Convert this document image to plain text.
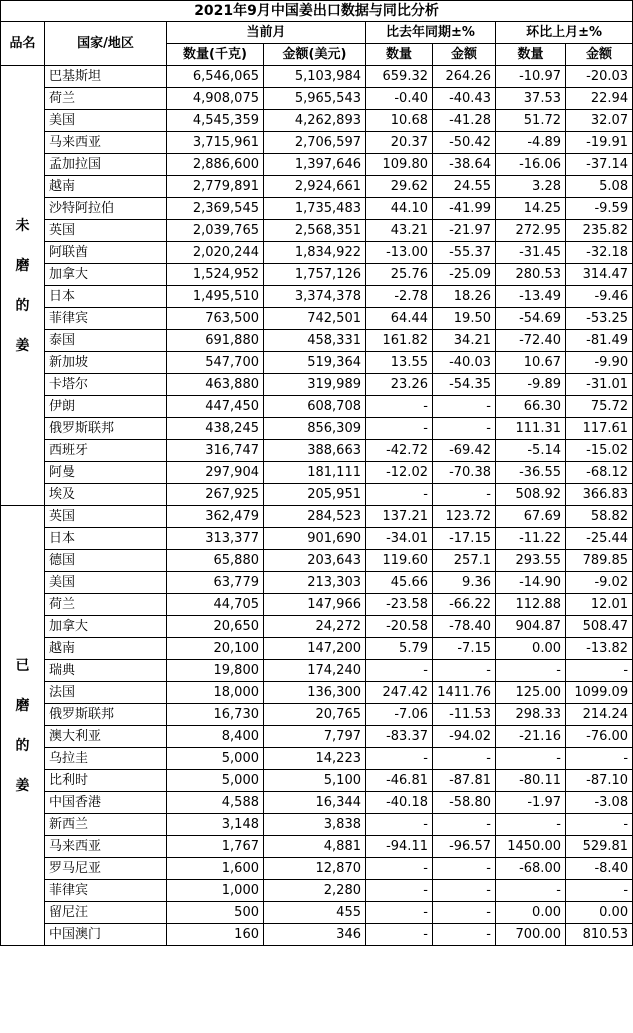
2021年9月中国姜出口数据与同比分析							
品名	国家/地区	当前月		比去年同期±%		环比上月±%	
		数量(千克)	金额(美元)	数量	金额	数量	金额

未
磨
的
姜	巴基斯坦	6,546,065	5,103,984	659.32	264.26	-10.97	-20.03
	荷兰	4,908,075	5,965,543	-0.40	-40.43	37.53	22.94
	美国	4,545,359	4,262,893	10.68	-41.28	51.72	32.07
	马来西亚	3,715,961	2,706,597	20.37	-50.42	-4.89	-19.91
	孟加拉国	2,886,600	1,397,646	109.80	-38.64	-16.06	-37.14
	越南	2,779,891	2,924,661	29.62	24.55	3.28	5.08
	沙特阿拉伯	2,369,545	1,735,483	44.10	-41.99	14.25	-9.59
	英国	2,039,765	2,568,351	43.21	-21.97	272.95	235.82
	阿联酋	2,020,244	1,834,922	-13.00	-55.37	-31.45	-32.18
	加拿大	1,524,952	1,757,126	25.76	-25.09	280.53	314.47
	日本	1,495,510	3,374,378	-2.78	18.26	-13.49	-9.46
	菲律宾	763,500	742,501	64.44	19.50	-54.69	-53.25
	泰国	691,880	458,331	161.82	34.21	-72.40	-81.49
	新加坡	547,700	519,364	13.55	-40.03	10.67	-9.90
	卡塔尔	463,880	319,989	23.26	-54.35	-9.89	-31.01
	伊朗	447,450	608,708	-	-	66.30	75.72
	俄罗斯联邦	438,245	856,309	-	-	111.31	117.61
	西班牙	316,747	388,663	-42.72	-69.42	-5.14	-15.02
	阿曼	297,904	181,111	-12.02	-70.38	-36.55	-68.12
	埃及	267,925	205,951	-	-	508.92	366.83

已
磨
的
姜	英国	362,479	284,523	137.21	123.72	67.69	58.82
	日本	313,377	901,690	-34.01	-17.15	-11.22	-25.44
	德国	65,880	203,643	119.60	257.1	293.55	789.85
	美国	63,779	213,303	45.66	9.36	-14.90	-9.02
	荷兰	44,705	147,966	-23.58	-66.22	112.88	12.01
	加拿大	20,650	24,272	-20.58	-78.40	904.87	508.47
	越南	20,100	147,200	5.79	-7.15	0.00	-13.82
	瑞典	19,800	174,240	-	-	-	-
	法国	18,000	136,300	247.42	1411.76	125.00	1099.09
	俄罗斯联邦	16,730	20,765	-7.06	-11.53	298.33	214.24
	澳大利亚	8,400	7,797	-83.37	-94.02	-21.16	-76.00
	乌拉圭	5,000	14,223	-	-	-	-
	比利时	5,000	5,100	-46.81	-87.81	-80.11	-87.10
	中国香港	4,588	16,344	-40.18	-58.80	-1.97	-3.08
	新西兰	3,148	3,838	-	-	-	-
	马来西亚	1,767	4,881	-94.11	-96.57	1450.00	529.81
	罗马尼亚	1,600	12,870	-	-	-68.00	-8.40
	菲律宾	1,000	2,280	-	-	-	-
	留尼汪	500	455	-	-	0.00	0.00
	中国澳门	160	346	-	-	700.00	810.53
